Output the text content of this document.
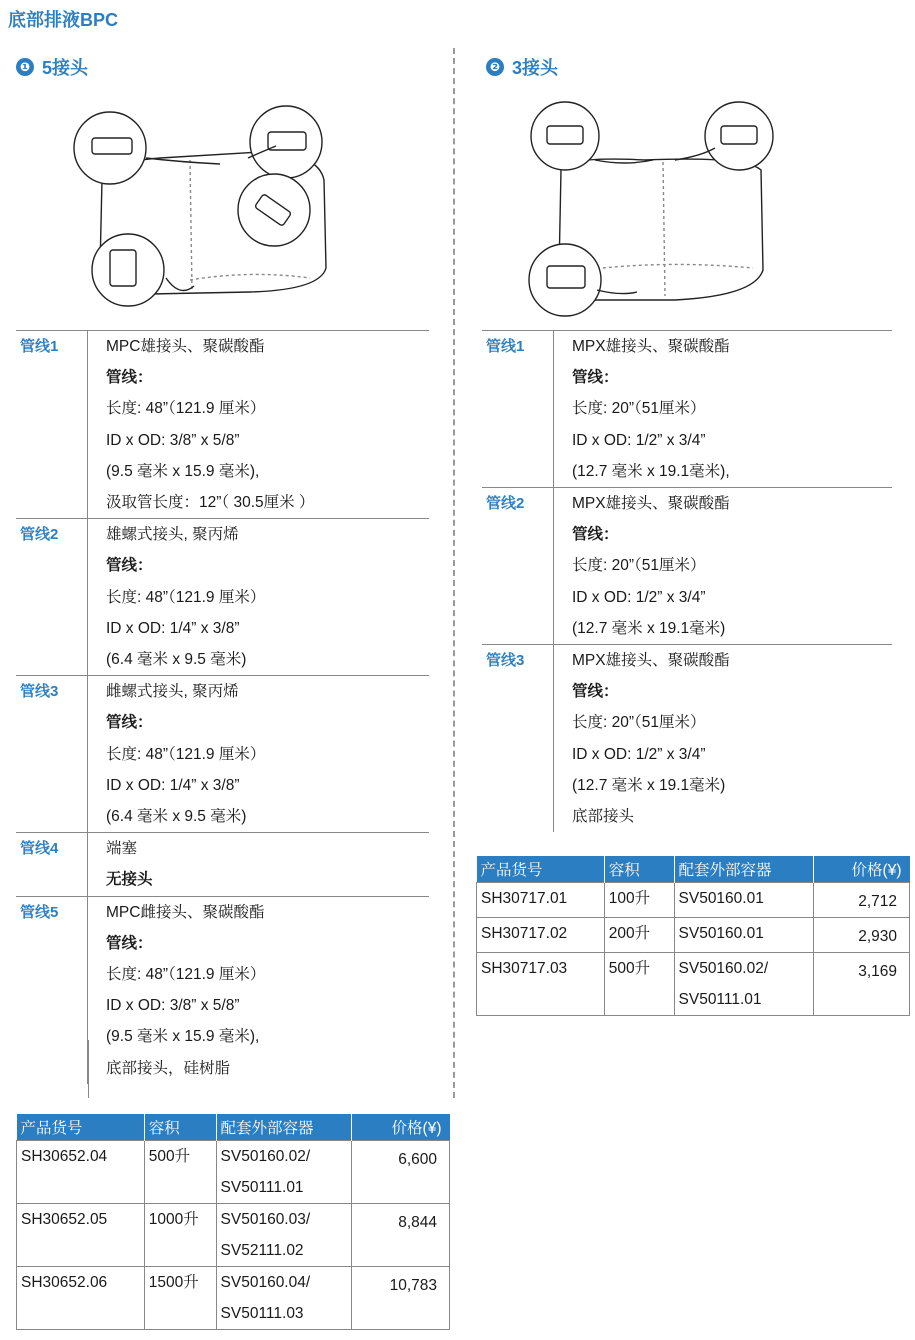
底部排液BPC
❶ 5接头	❷ 3接头
管线1	MPC雄接头、聚碳酸酯
管线：
长度: 48”（121.9 厘米）
ID x OD: 3/8” x 5/8”
(9.5 毫米 x 15.9 毫米),
汲取管长度：12”（ 30.5厘米 ）
管线2	雄螺式接头, 聚丙烯
管线：
长度: 48”（121.9 厘米）
ID x OD: 1/4” x 3/8”
(6.4 毫米 x 9.5 毫米)
管线3	雌螺式接头, 聚丙烯
管线：
长度: 48”（121.9 厘米）
ID x OD: 1/4” x 3/8”
(6.4 毫米 x 9.5 毫米)
管线4	端塞
无接头
管线5	MPC雌接头、聚碳酸酯
管线：
长度: 48”（121.9 厘米）
ID x OD: 3/8” x 5/8”
(9.5 毫米 x 15.9 毫米),
底部接头，硅树脂
管线1	MPX雄接头、聚碳酸酯
管线：
长度: 20”（51厘米）
ID x OD: 1/2” x 3/4”
(12.7 毫米 x 19.1毫米),
管线2	MPX雄接头、聚碳酸酯
管线：
长度: 20”（51厘米）
ID x OD: 1/2” x 3/4”
(12.7 毫米 x 19.1毫米)
管线3	MPX雄接头、聚碳酸酯
管线：
长度: 20”（51厘米）
ID x OD: 1/2” x 3/4”
(12.7 毫米 x 19.1毫米)
底部接头
产品货号	容积	配套外部容器	价格(¥)
SH30652.04	500升	SV50160.02/
SV50111.01	6,600
SH30652.05	1000升	SV50160.03/
SV52111.02	8,844
SH30652.06	1500升	SV50160.04/
SV50111.03	10,783
产品货号	容积	配套外部容器	价格(¥)
SH30717.01	100升	SV50160.01	2,712
SH30717.02	200升	SV50160.01	2,930
SH30717.03	500升	SV50160.02/
SV50111.01	3,169
